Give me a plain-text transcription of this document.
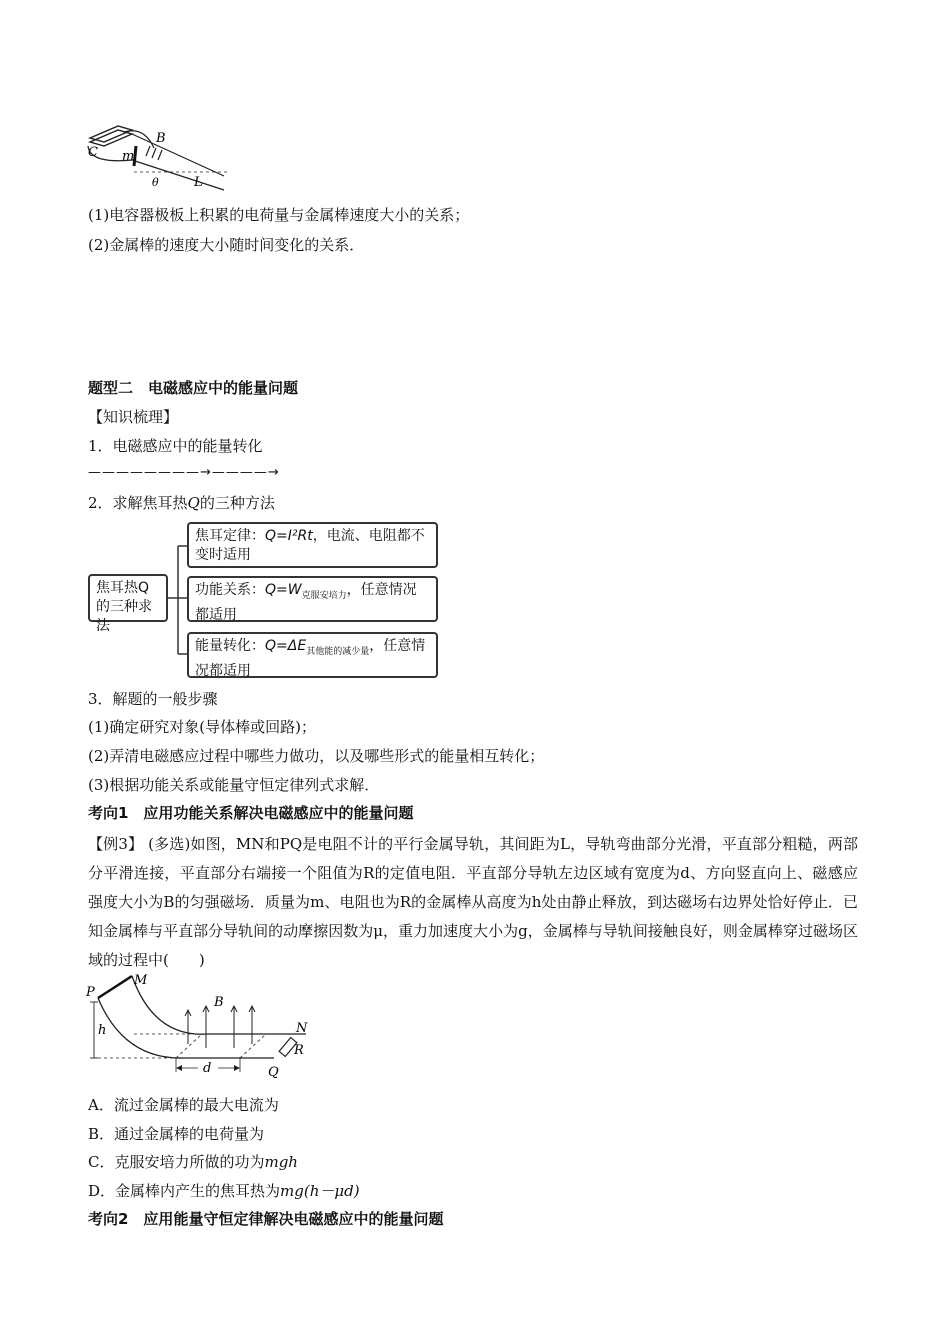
C m
B
θ	L
(1)电容器极板上积累的电荷量与金属棒速度大小的关系；
(2)金属棒的速度大小随时间变化的关系．
题型二　电磁感应中的能量问题
【知识梳理】
1．电磁感应中的能量转化
————————→————→
2．求解焦耳热Q的三种方法
焦耳热Q的三种求法
焦耳定律：Q=I²Rt，电流、电阻都不变时适用
功能关系：$Q=W_{克服安培力}$，任意情况都适用
能量转化：$Q=\Delta E_{其他能的减少量}$，任意情况都适用
3．解题的一般步骤
(1)确定研究对象(导体棒或回路)；
(2)弄清电磁感应过程中哪些力做功，以及哪些形式的能量相互转化；
(3)根据功能关系或能量守恒定律列式求解．
考向1　应用功能关系解决电磁感应中的能量问题
【例3】 (多选)如图，MN和PQ是电阻不计的平行金属导轨，其间距为L，导轨弯曲部分光滑，平直部分粗糙，两部分平滑连接，平直部分右端接一个阻值为R的定值电阻．平直部分导轨左边区域有宽度为d、方向竖直向上、磁感应强度大小为B的匀强磁场．质量为m、电阻也为R的金属棒从高度为h处由静止释放，到达磁场右边界处恰好停止．已知金属棒与平直部分导轨间的动摩擦因数为μ，重力加速度大小为g，金属棒与导轨间接触良好，则金属棒穿过磁场区域的过程中(　　)
P
M
B
N
h
R
d	Q
A．流过金属棒的最大电流为
B．通过金属棒的电荷量为
C．克服安培力所做的功为mgh
D．金属棒内产生的焦耳热为mg(h－μd)
考向2　应用能量守恒定律解决电磁感应中的能量问题
